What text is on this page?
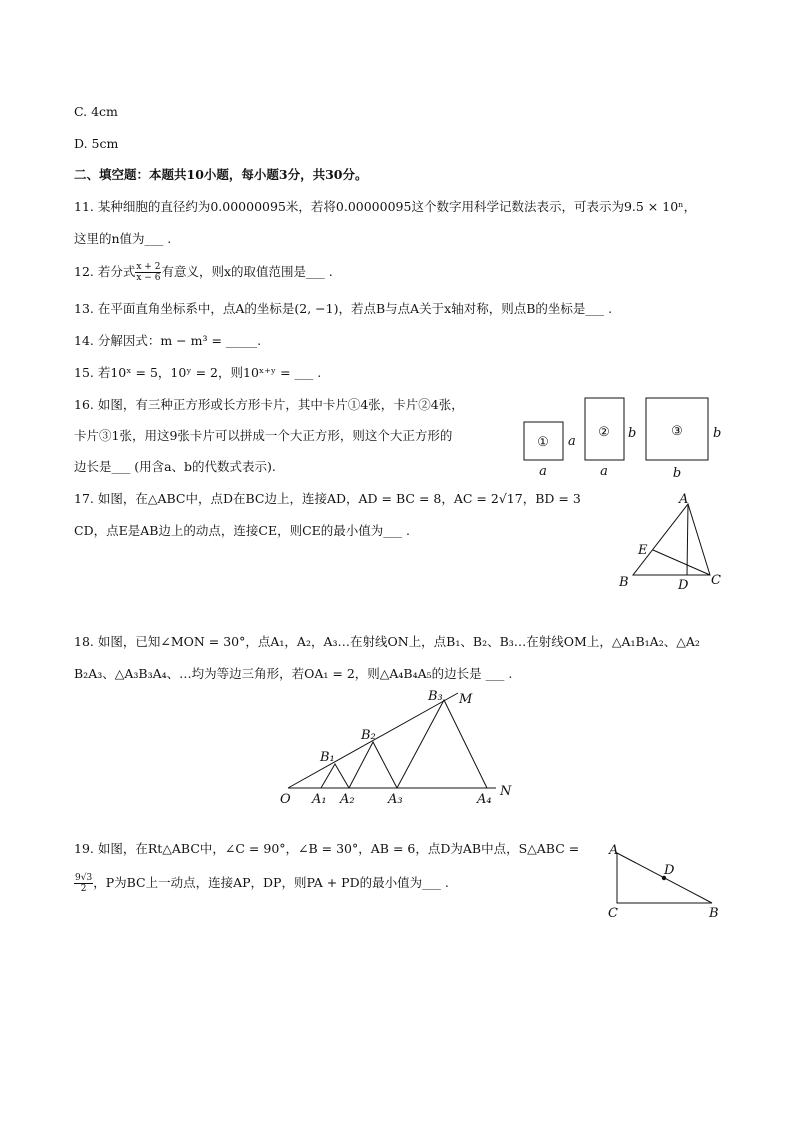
C. 4cm
D. 5cm
二、填空题：本题共10小题，每小题3分，共30分。
11. 某种细胞的直径约为0.00000095米，若将0.00000095这个数字用科学记数法表示，可表示为9.5 × 10ⁿ，
这里的n值为___ .
12. 若分式 $\frac{x + 2}{x - 6}$ 有意义，则x的取值范围是___ .
13. 在平面直角坐标系中，点A的坐标是(2, −1)，若点B与点A关于x轴对称，则点B的坐标是___ .
14. 分解因式：m − m³ = _____.
15. 若10ˣ = 5，10ʸ = 2，则10ˣ⁺ʸ = ___ .
16. 如图，有三种正方形或长方形卡片，其中卡片①4张，卡片②4张，
卡片③1张，用这9张卡片可以拼成一个大正方形，则这个大正方形的
边长是___ (用含a、b的代数式表示).
① a
a
② b
a
③ b
b
17. 如图，在△ABC中，点D在BC边上，连接AD，AD = BC = 8，AC = 2√17，BD = 3
CD，点E是AB边上的动点，连接CE，则CE的最小值为___ .
A
B	C
D
E
18. 如图，已知∠MON = 30°，点A₁，A₂，A₃…在射线ON上，点B₁、B₂、B₃…在射线OM上，△A₁B₁A₂、△A₂
B₂A₃、△A₃B₃A₄、…均为等边三角形，若OA₁ = 2，则△A₄B₄A₅的边长是 ___ .
O A₁ A₂	A₃	A₄
N
B₁
B₂
B₃ M
19. 如图，在Rt△ABC中，∠C = 90°，∠B = 30°，AB = 6，点D为AB中点，S△ABC =
$\frac{9√3}{2}$ ，P为BC上一动点，连接AP，DP，则PA + PD的最小值为___ .
A
C	B
D
